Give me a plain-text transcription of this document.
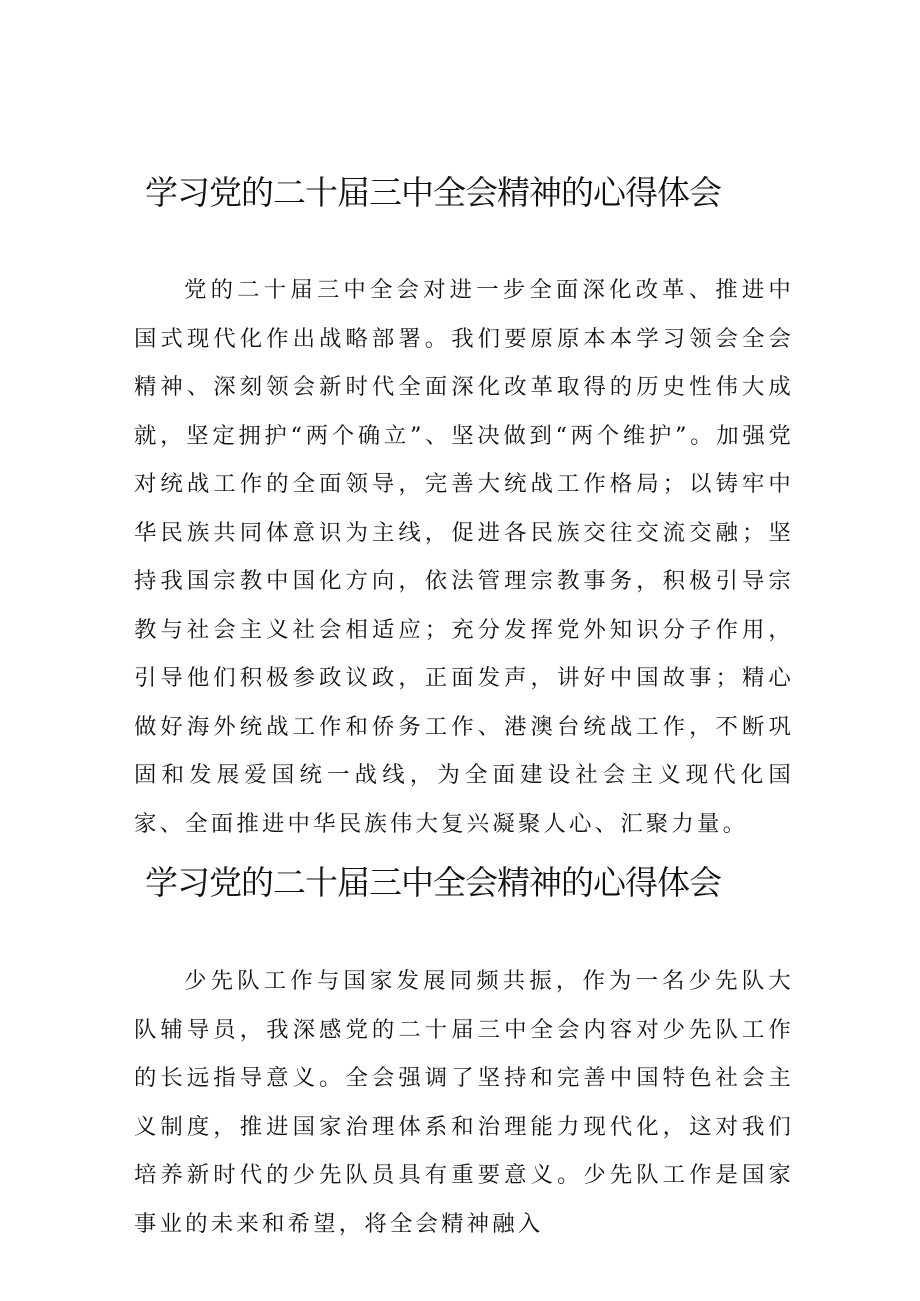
学习党的二十届三中全会精神的心得体会

党的二十届三中全会对进一步全面深化改革、推进中国式现代化作出战略部署。我们要原原本本学习领会全会精神、深刻领会新时代全面深化改革取得的历史性伟大成就，坚定拥护“两个确立”、坚决做到“两个维护”。加强党对统战工作的全面领导，完善大统战工作格局；以铸牢中华民族共同体意识为主线，促进各民族交往交流交融；坚持我国宗教中国化方向，依法管理宗教事务，积极引导宗教与社会主义社会相适应；充分发挥党外知识分子作用，引导他们积极参政议政，正面发声，讲好中国故事；精心做好海外统战工作和侨务工作、港澳台统战工作，不断巩固和发展爱国统一战线，为全面建设社会主义现代化国家、全面推进中华民族伟大复兴凝聚人心、汇聚力量。

学习党的二十届三中全会精神的心得体会

少先队工作与国家发展同频共振，作为一名少先队大队辅导员，我深感党的二十届三中全会内容对少先队工作的长远指导意义。全会强调了坚持和完善中国特色社会主义制度，推进国家治理体系和治理能力现代化，这对我们培养新时代的少先队员具有重要意义。少先队工作是国家事业的未来和希望，将全会精神融入
